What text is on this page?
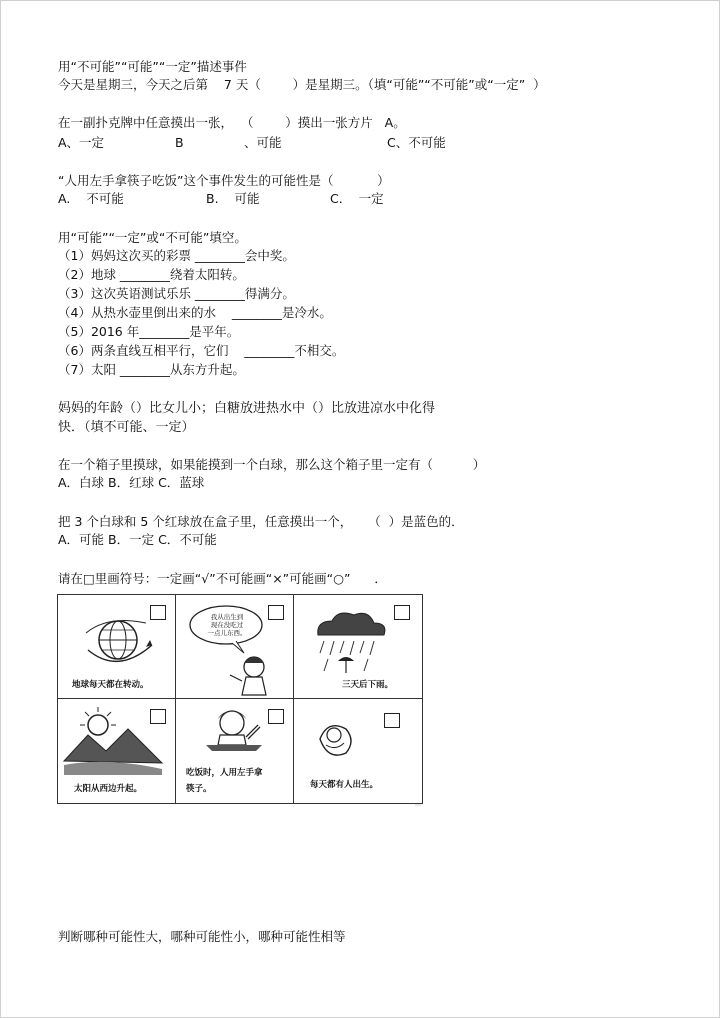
用“不可能”“可能”“一定”描述事件
今天是星期三，今天之后第    7 天（        ）是星期三。（填“可能”“不可能”或“一定”  ）
在一副扑克牌中任意摸出一张，  （        ）摸出一张方片   A。
A、一定	B	、可能	C、不可能
“人用左手拿筷子吃饭”这个事件发生的可能性是（           ）
A.    不可能	B.    可能	C.    一定
用“可能”“一定”或“不可能”填空。
（1）妈妈这次买的彩票 ________会中奖。
（2）地球 ________绕着太阳转。
（3）这次英语测试乐乐 ________得满分。
（4）从热水壶里倒出来的水    ________是冷水。
（5）2016 年________是平年。
（6）两条直线互相平行，它们    ________不相交。
（7）太阳 ________从东方升起。
妈妈的年龄（）比女儿小；白糖放进热水中（）比放进凉水中化得
快．（填不可能、一定）
在一个箱子里摸球，如果能摸到一个白球，那么这个箱子里一定有（          ）
A．白球 B．红球 C．蓝球
把 3 个白球和 5 个红球放在盒子里，任意摸出一个，    （  ）是蓝色的．
A．可能 B．一定 C．不可能
请在□里画符号：一定画“√”不可能画“×”可能画“○”      ．
地球每天都在转动。
我从出生到
现在没吃过
一点儿东西。
三天后下雨。
太阳从西边升起。
吃饭时，人用左手拿
筷子。	每天都有人出生。
判断哪种可能性大，哪种可能性小，哪种可能性相等
